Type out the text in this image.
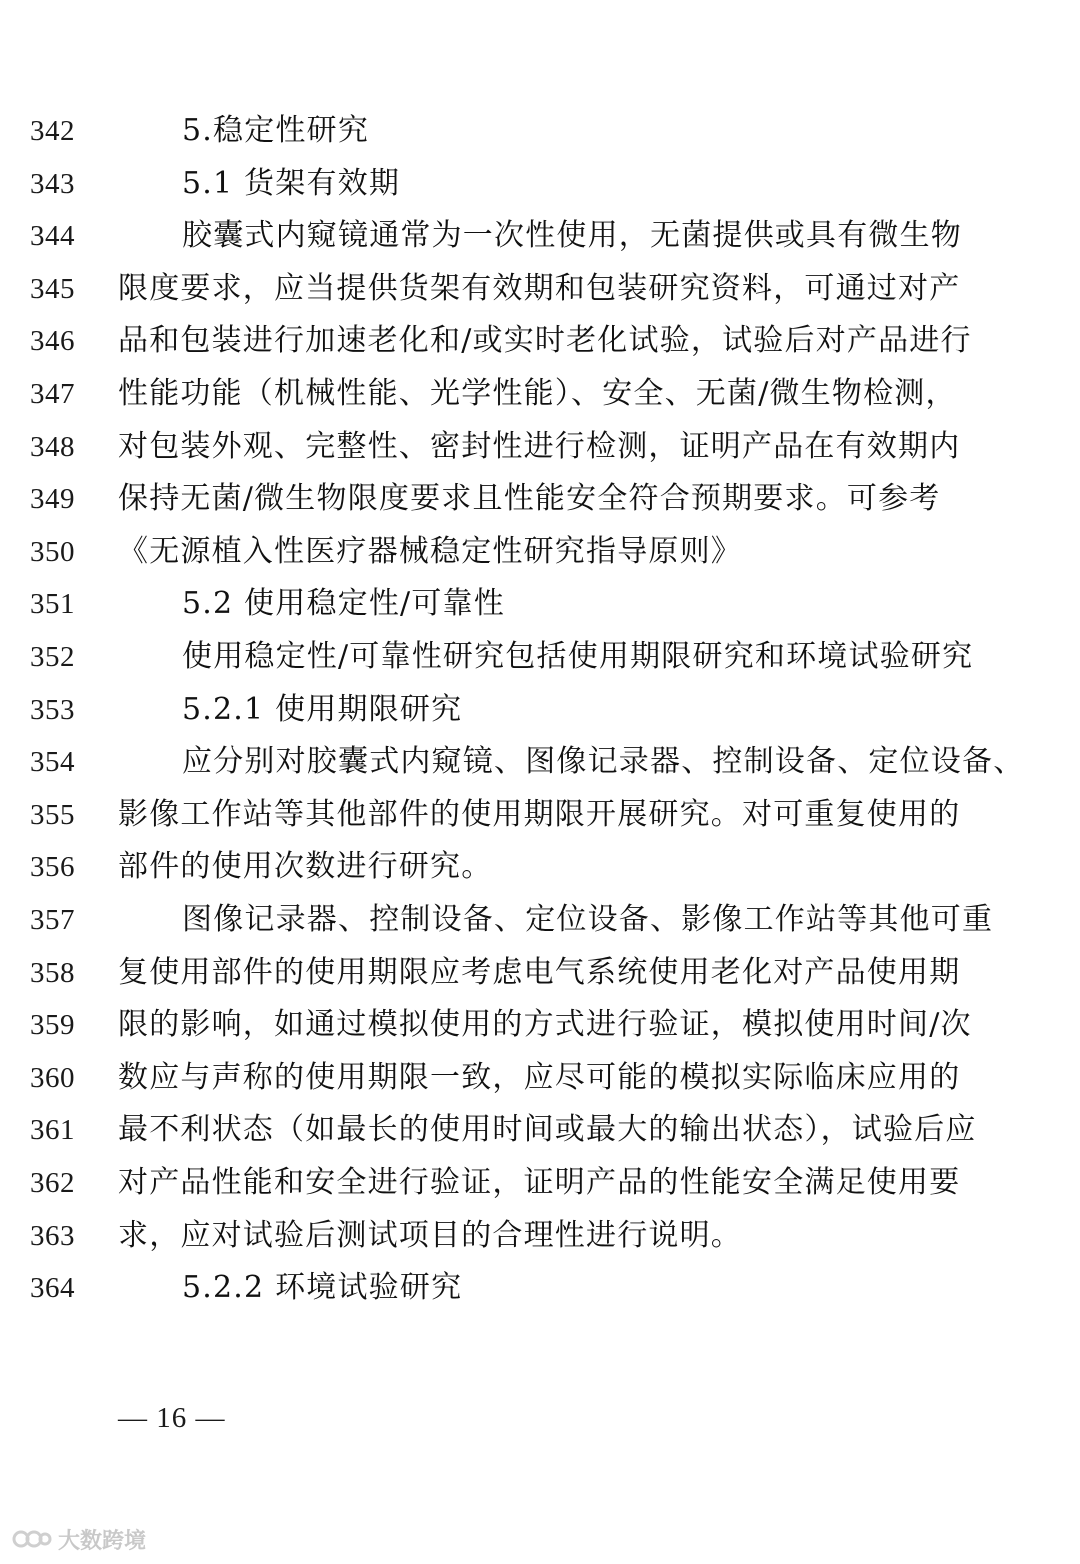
342	5.稳定性研究
343	5.1 货架有效期
344	胶囊式内窥镜通常为一次性使用，无菌提供或具有微生物
345 限度要求，应当提供货架有效期和包装研究资料，可通过对产
346 品和包装进行加速老化和/或实时老化试验，试验后对产品进行
347 性能功能（机械性能、光学性能）、安全、无菌/微生物检测，
348 对包装外观、完整性、密封性进行检测，证明产品在有效期内
349 保持无菌/微生物限度要求且性能安全符合预期要求。可参考
350 《无源植入性医疗器械稳定性研究指导原则》
351	5.2 使用稳定性/可靠性
352	使用稳定性/可靠性研究包括使用期限研究和环境试验研究
353	5.2.1 使用期限研究
354	应分别对胶囊式内窥镜、图像记录器、控制设备、定位设备、
355 影像工作站等其他部件的使用期限开展研究。对可重复使用的
356 部件的使用次数进行研究。
357	图像记录器、控制设备、定位设备、影像工作站等其他可重
358 复使用部件的使用期限应考虑电气系统使用老化对产品使用期
359 限的影响，如通过模拟使用的方式进行验证，模拟使用时间/次
360 数应与声称的使用期限一致，应尽可能的模拟实际临床应用的
361 最不利状态（如最长的使用时间或最大的输出状态），试验后应
362 对产品性能和安全进行验证，证明产品的性能安全满足使用要
363 求，应对试验后测试项目的合理性进行说明。
364	5.2.2 环境试验研究
— 16 —
大数跨境
